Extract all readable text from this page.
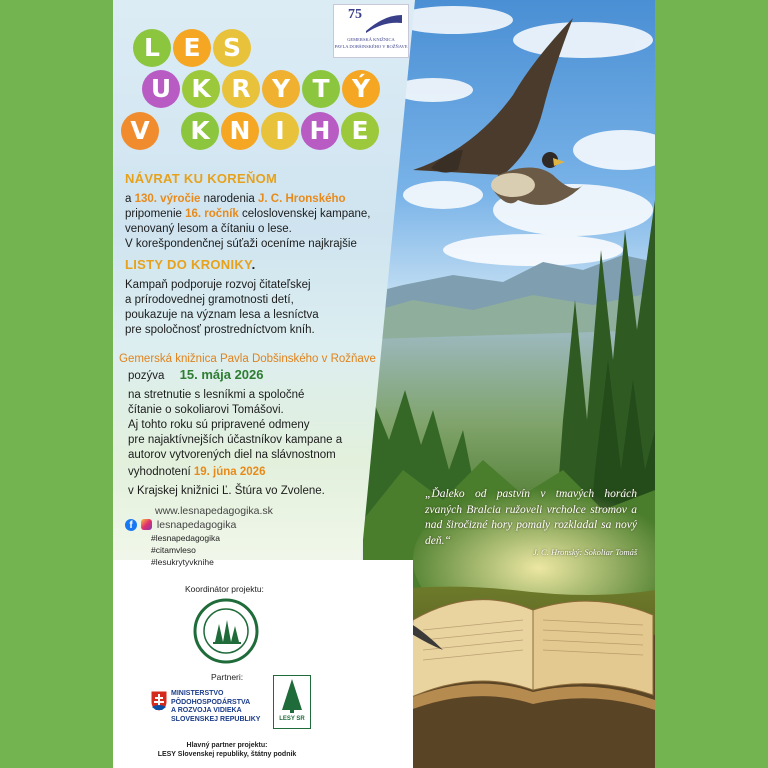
„Ďaleko od pastvín v tmavých horách zvaných Bralcia ružoveli vrcholce stromov a nad širočizné hory pomaly rozkladal sa nový deň.“
J. C. Hronský: Sokoliar Tomáš
75
GEMERSKÁ KNIŽNICA
PAVLA DOBŠINSKÉHO V ROŽŇAVE
L E S
U K R Y T Ý
V	K N I H E
NÁVRAT KU KOREŇOM
a 130. výročie narodenia J. C. Hronského
pripomenie 16. ročník celoslovenskej kampane,
venovaný lesom a čítaniu o lese.
V korešpondenčnej súťaži oceníme najkrajšie
LISTY DO KRONIKY.
Kampaň podporuje rozvoj čitateľskej
a prírodovednej gramotnosti detí,
poukazuje na význam lesa a lesníctva
pre spoločnosť prostredníctvom kníh.
Gemerská knižnica Pavla Dobšinského v Rožňave
pozýva 15. mája 2026
na stretnutie s lesníkmi a spoločné
čítanie o sokoliarovi Tomášovi.
Aj tohto roku sú pripravené odmeny
pre najaktívnejších účastníkov kampane a
autorov vytvorených diel na slávnostnom
vyhodnotení 19. júna 2026
v Krajskej knižnici Ľ. Štúra vo Zvolene.
www.lesnapedagogika.sk
f lesnapedagogika
#lesnapedagogika
#citamvleso
#lesukrytyvknihe
Koordinátor projektu:
Partneri:
MINISTERSTVO
PÔDOHOSPODÁRSTVA
A ROZVOJA VIDIEKA
SLOVENSKEJ REPUBLIKY	LESY SR
Hlavný partner projektu:
LESY Slovenskej republiky, štátny podnik
